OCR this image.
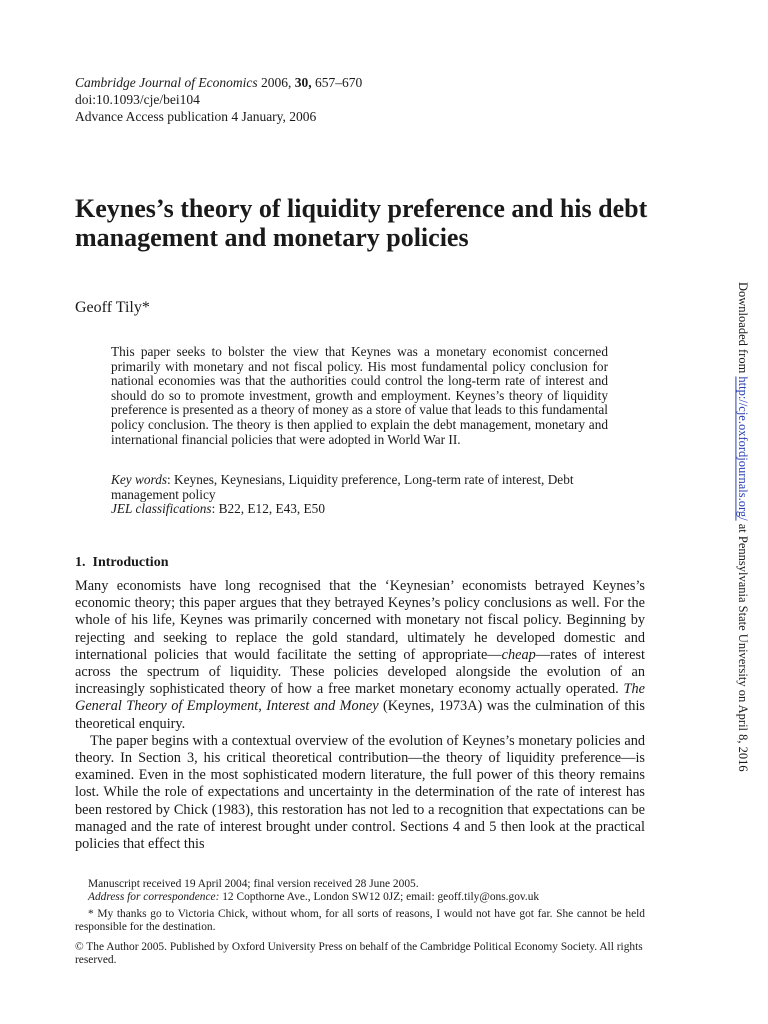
Cambridge Journal of Economics 2006, 30, 657–670
doi:10.1093/cje/bei104
Advance Access publication 4 January, 2006
Keynes’s theory of liquidity preference and his debt management and monetary policies
Geoff Tily*

This paper seeks to bolster the view that Keynes was a monetary economist concerned primarily with monetary and not fiscal policy. His most fundamental policy conclusion for national economies was that the authorities could control the long-term rate of interest and should do so to promote investment, growth and employment. Keynes’s theory of liquidity preference is presented as a theory of money as a store of value that leads to this fundamental policy conclusion. The theory is then applied to explain the debt management, monetary and international financial policies that were adopted in World War II.

Key words: Keynes, Keynesians, Liquidity preference, Long-term rate of interest, Debt management policy
JEL classifications: B22, E12, E43, E50
1. Introduction

Many economists have long recognised that the ‘Keynesian’ economists betrayed Keynes’s economic theory; this paper argues that they betrayed Keynes’s policy conclusions as well. For the whole of his life, Keynes was primarily concerned with monetary not fiscal policy. Beginning by rejecting and seeking to replace the gold standard, ultimately he developed domestic and international policies that would facilitate the setting of appropriate—cheap—rates of interest across the spectrum of liquidity. These policies developed alongside the evolution of an increasingly sophisticated theory of how a free market monetary economy actually operated. The General Theory of Employment, Interest and Money (Keynes, 1973A) was the culmination of this theoretical enquiry.

The paper begins with a contextual overview of the evolution of Keynes’s monetary policies and theory. In Section 3, his critical theoretical contribution—the theory of liquidity preference—is examined. Even in the most sophisticated modern literature, the full power of this theory remains lost. While the role of expectations and uncertainty in the determination of the rate of interest has been restored by Chick (1983), this restoration has not led to a recognition that expectations can be managed and the rate of interest brought under control. Sections 4 and 5 then look at the practical policies that effect this

Manuscript received 19 April 2004; final version received 28 June 2005.

Address for correspondence: 12 Copthorne Ave., London SW12 0JZ; email: geoff.tily@ons.gov.uk

* My thanks go to Victoria Chick, without whom, for all sorts of reasons, I would not have got far. She cannot be held responsible for the destination.

© The Author 2005. Published by Oxford University Press on behalf of the Cambridge Political Economy Society. All rights reserved.

Downloaded from http://cje.oxfordjournals.org/ at Pennsylvania State University on April 8, 2016
